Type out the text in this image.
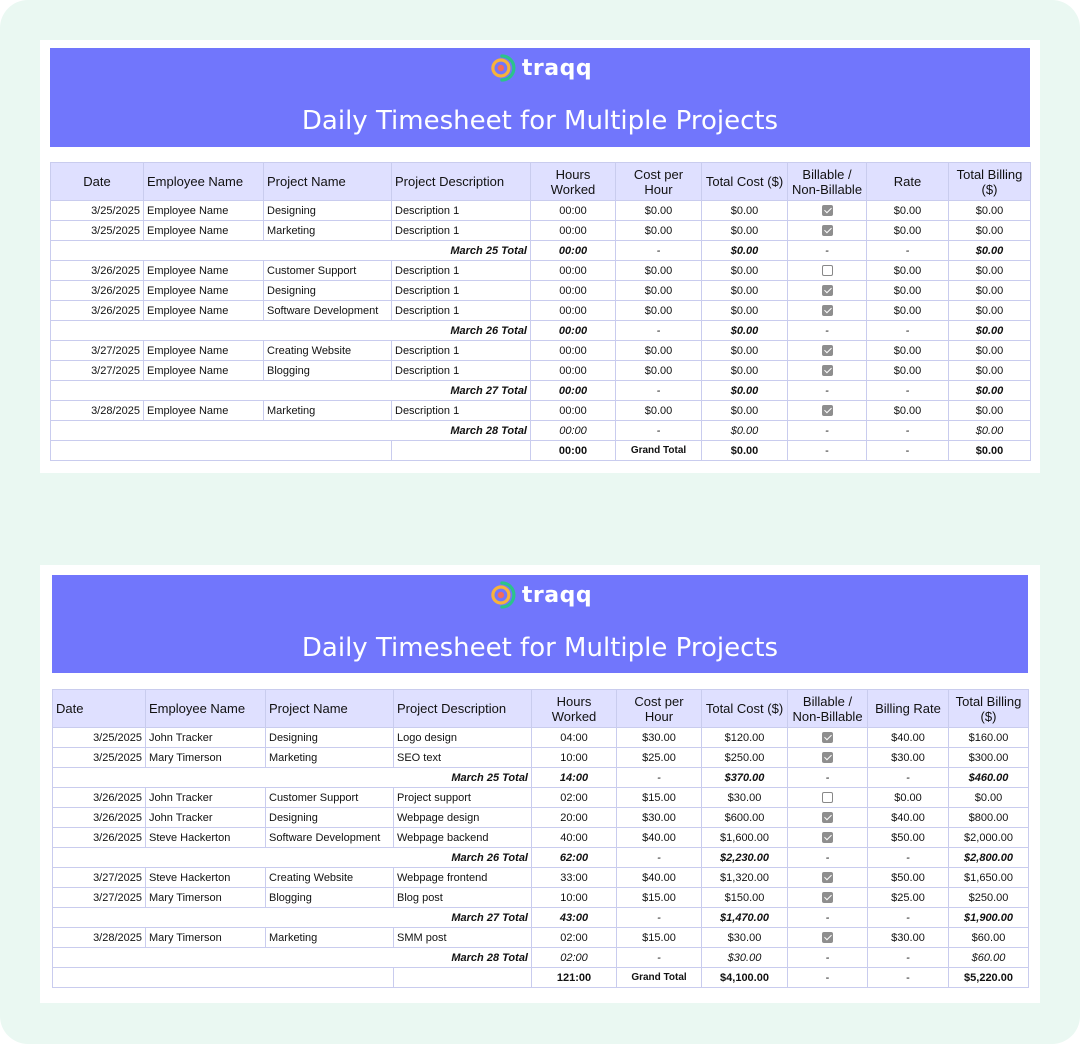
traqq
Daily Timesheet for Multiple Projects
Date	Employee Name	Project Name	Project Description	Hours Worked	Cost per Hour	Total Cost ($)	Billable / Non-Billable	Rate	Total Billing ($)
3/25/2025	Employee Name	Designing	Description 1	00:00	$0.00	$0.00		$0.00	$0.00
3/25/2025	Employee Name	Marketing	Description 1	00:00	$0.00	$0.00		$0.00	$0.00
March 25 Total				00:00	-	$0.00	-	-	$0.00
3/26/2025	Employee Name	Customer Support	Description 1	00:00	$0.00	$0.00		$0.00	$0.00
3/26/2025	Employee Name	Designing	Description 1	00:00	$0.00	$0.00		$0.00	$0.00
3/26/2025	Employee Name	Software Development	Description 1	00:00	$0.00	$0.00		$0.00	$0.00
March 26 Total				00:00	-	$0.00	-	-	$0.00
3/27/2025	Employee Name	Creating Website	Description 1	00:00	$0.00	$0.00		$0.00	$0.00
3/27/2025	Employee Name	Blogging	Description 1	00:00	$0.00	$0.00		$0.00	$0.00
March 27 Total				00:00	-	$0.00	-	-	$0.00
3/28/2025	Employee Name	Marketing	Description 1	00:00	$0.00	$0.00		$0.00	$0.00
March 28 Total				00:00	-	$0.00	-	-	$0.00
				00:00	Grand Total	$0.00	-	-	$0.00
traqq
Daily Timesheet for Multiple Projects
Date	Employee Name	Project Name	Project Description	Hours Worked	Cost per Hour	Total Cost ($)	Billable / Non-Billable	Billing Rate	Total Billing ($)
3/25/2025	John Tracker	Designing	Logo design	04:00	$30.00	$120.00		$40.00	$160.00
3/25/2025	Mary Timerson	Marketing	SEO text	10:00	$25.00	$250.00		$30.00	$300.00
March 25 Total				14:00	-	$370.00	-	-	$460.00
3/26/2025	John Tracker	Customer Support	Project support	02:00	$15.00	$30.00		$0.00	$0.00
3/26/2025	John Tracker	Designing	Webpage design	20:00	$30.00	$600.00		$40.00	$800.00
3/26/2025	Steve Hackerton	Software Development	Webpage backend	40:00	$40.00	$1,600.00		$50.00	$2,000.00
March 26 Total				62:00	-	$2,230.00	-	-	$2,800.00
3/27/2025	Steve Hackerton	Creating Website	Webpage frontend	33:00	$40.00	$1,320.00		$50.00	$1,650.00
3/27/2025	Mary Timerson	Blogging	Blog post	10:00	$15.00	$150.00		$25.00	$250.00
March 27 Total				43:00	-	$1,470.00	-	-	$1,900.00
3/28/2025	Mary Timerson	Marketing	SMM post	02:00	$15.00	$30.00		$30.00	$60.00
March 28 Total				02:00	-	$30.00	-	-	$60.00
				121:00	Grand Total	$4,100.00	-	-	$5,220.00
